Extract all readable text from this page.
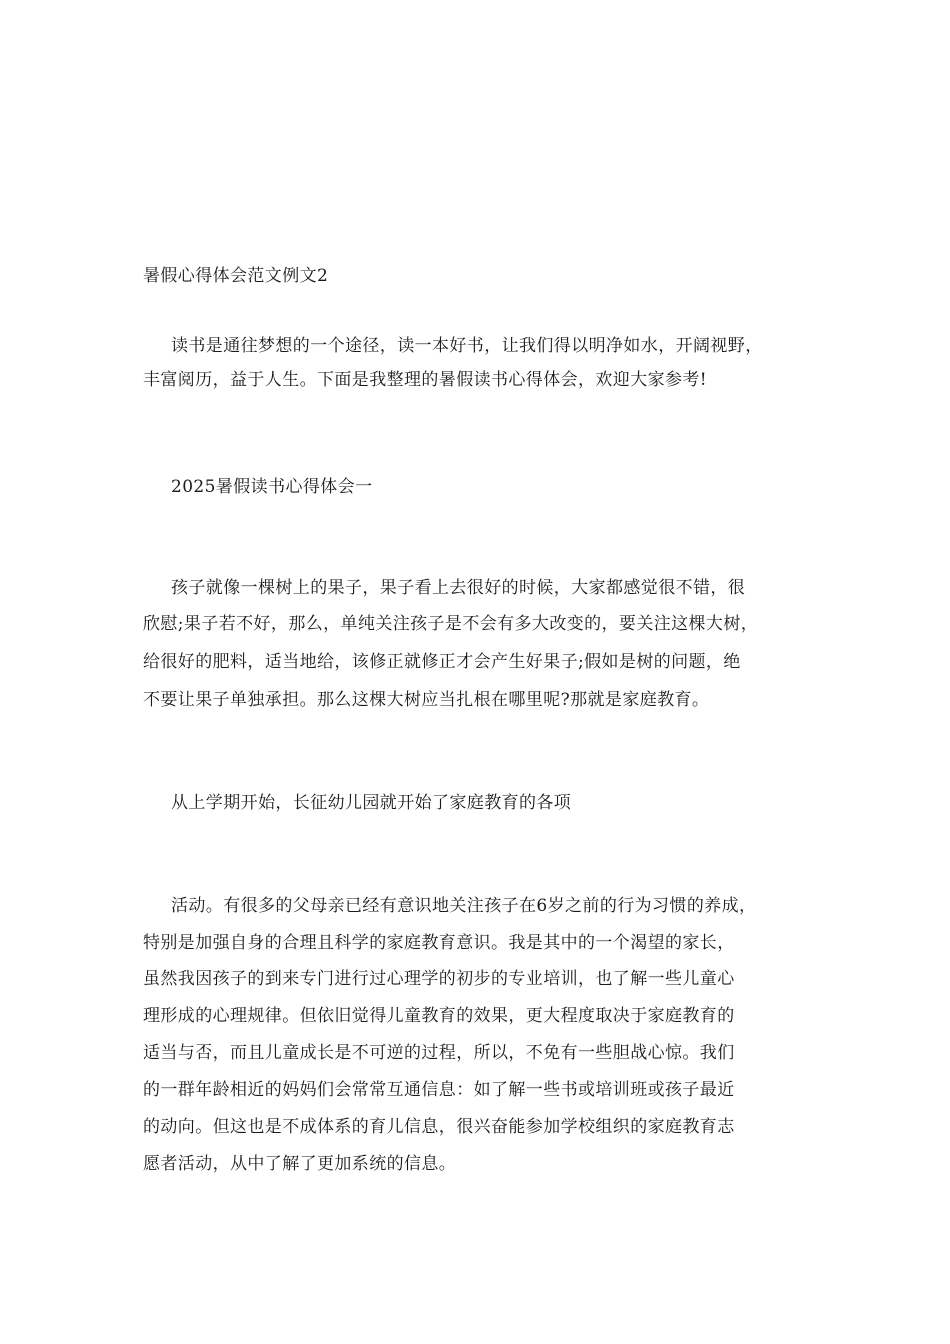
暑假心得体会范文例文2
读书是通往梦想的一个途径，读一本好书，让我们得以明净如水，开阔视野，
丰富阅历，益于人生。下面是我整理的暑假读书心得体会，欢迎大家参考!
2025暑假读书心得体会一
孩子就像一棵树上的果子，果子看上去很好的时候，大家都感觉很不错，很
欣慰;果子若不好，那么，单纯关注孩子是不会有多大改变的，要关注这棵大树，
给很好的肥料，适当地给，该修正就修正才会产生好果子;假如是树的问题，绝
不要让果子单独承担。那么这棵大树应当扎根在哪里呢?那就是家庭教育。
从上学期开始，长征幼儿园就开始了家庭教育的各项
活动。有很多的父母亲已经有意识地关注孩子在6岁之前的行为习惯的养成，
特别是加强自身的合理且科学的家庭教育意识。我是其中的一个渴望的家长，
虽然我因孩子的到来专门进行过心理学的初步的专业培训，也了解一些儿童心
理形成的心理规律。但依旧觉得儿童教育的效果，更大程度取决于家庭教育的
适当与否，而且儿童成长是不可逆的过程，所以，不免有一些胆战心惊。我们
的一群年龄相近的妈妈们会常常互通信息：如了解一些书或培训班或孩子最近
的动向。但这也是不成体系的育儿信息，很兴奋能参加学校组织的家庭教育志
愿者活动，从中了解了更加系统的信息。
